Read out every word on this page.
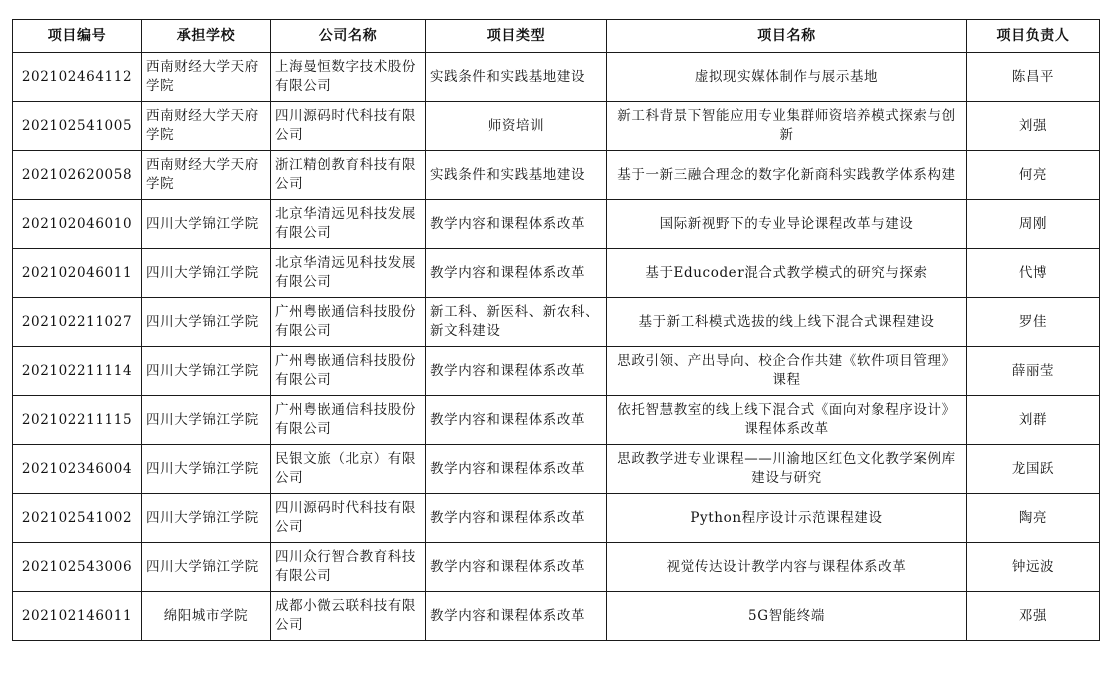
项目编号	承担学校	公司名称	项目类型	项目名称	项目负责人
202102464112	西南财经大学天府学院	上海曼恒数字技术股份有限公司	实践条件和实践基地建设	虚拟现实媒体制作与展示基地	陈昌平
202102541005	西南财经大学天府学院	四川源码时代科技有限公司	师资培训	新工科背景下智能应用专业集群师资培养模式探索与创新	刘强
202102620058	西南财经大学天府学院	浙江精创教育科技有限公司	实践条件和实践基地建设	基于一新三融合理念的数字化新商科实践教学体系构建	何亮
202102046010	四川大学锦江学院	北京华清远见科技发展有限公司	教学内容和课程体系改革	国际新视野下的专业导论课程改革与建设	周刚
202102046011	四川大学锦江学院	北京华清远见科技发展有限公司	教学内容和课程体系改革	基于Educoder混合式教学模式的研究与探索	代博
202102211027	四川大学锦江学院	广州粤嵌通信科技股份有限公司	新工科、新医科、新农科、新文科建设	基于新工科模式选拔的线上线下混合式课程建设	罗佳
202102211114	四川大学锦江学院	广州粤嵌通信科技股份有限公司	教学内容和课程体系改革	思政引领、产出导向、校企合作共建《软件项目管理》课程	薛丽莹
202102211115	四川大学锦江学院	广州粤嵌通信科技股份有限公司	教学内容和课程体系改革	依托智慧教室的线上线下混合式《面向对象程序设计》课程体系改革	刘群
202102346004	四川大学锦江学院	民银文旅（北京）有限公司	教学内容和课程体系改革	思政教学进专业课程——川渝地区红色文化教学案例库建设与研究	龙国跃
202102541002	四川大学锦江学院	四川源码时代科技有限公司	教学内容和课程体系改革	Python程序设计示范课程建设	陶亮
202102543006	四川大学锦江学院	四川众行智合教育科技有限公司	教学内容和课程体系改革	视觉传达设计教学内容与课程体系改革	钟远波
202102146011	绵阳城市学院	成都小微云联科技有限公司	教学内容和课程体系改革	5G智能终端	邓强
